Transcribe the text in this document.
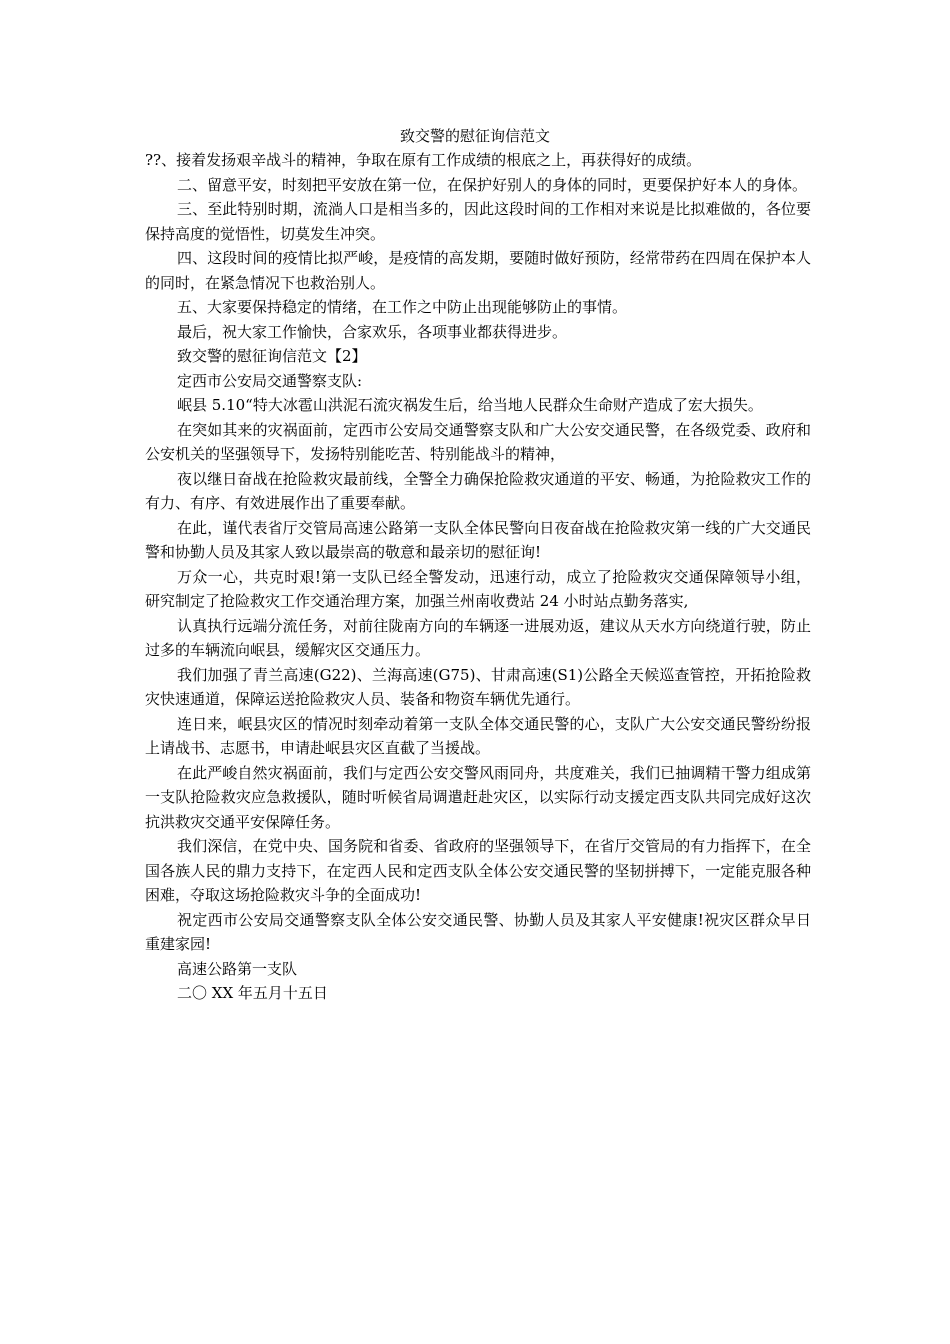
致交警的慰征询信范文

??、接着发扬艰辛战斗的精神，争取在原有工作成绩的根底之上，再获得好的成绩。

二、留意平安，时刻把平安放在第一位，在保护好别人的身体的同时，更要保护好本人的身体。

三、至此特别时期，流淌人口是相当多的，因此这段时间的工作相对来说是比拟难做的，各位要保持高度的觉悟性，切莫发生冲突。

四、这段时间的疫情比拟严峻，是疫情的高发期，要随时做好预防，经常带药在四周在保护本人的同时，在紧急情况下也救治别人。

五、大家要保持稳定的情绪，在工作之中防止出现能够防止的事情。

最后，祝大家工作愉快，合家欢乐，各项事业都获得进步。

致交警的慰征询信范文【2】

定西市公安局交通警察支队:

岷县 5.10“特大冰雹山洪泥石流灾祸发生后，给当地人民群众生命财产造成了宏大损失。

在突如其来的灾祸面前，定西市公安局交通警察支队和广大公安交通民警，在各级党委、政府和公安机关的坚强领导下，发扬特别能吃苦、特别能战斗的精神，

夜以继日奋战在抢险救灾最前线，全警全力确保抢险救灾通道的平安、畅通，为抢险救灾工作的有力、有序、有效进展作出了重要奉献。

在此，谨代表省厅交管局高速公路第一支队全体民警向日夜奋战在抢险救灾第一线的广大交通民警和协勤人员及其家人致以最崇高的敬意和最亲切的慰征询!

万众一心，共克时艰!第一支队已经全警发动，迅速行动，成立了抢险救灾交通保障领导小组，研究制定了抢险救灾工作交通治理方案，加强兰州南收费站 24 小时站点勤务落实,

认真执行远端分流任务，对前往陇南方向的车辆逐一进展劝返，建议从天水方向绕道行驶，防止过多的车辆流向岷县，缓解灾区交通压力。

我们加强了青兰高速(G22)、兰海高速(G75)、甘肃高速(S1)公路全天候巡查管控，开拓抢险救灾快速通道，保障运送抢险救灾人员、装备和物资车辆优先通行。

连日来，岷县灾区的情况时刻牵动着第一支队全体交通民警的心，支队广大公安交通民警纷纷报上请战书、志愿书，申请赴岷县灾区直截了当援战。

在此严峻自然灾祸面前，我们与定西公安交警风雨同舟，共度难关，我们已抽调精干警力组成第一支队抢险救灾应急救援队，随时听候省局调遣赶赴灾区，以实际行动支援定西支队共同完成好这次抗洪救灾交通平安保障任务。

我们深信，在党中央、国务院和省委、省政府的坚强领导下，在省厅交管局的有力指挥下，在全国各族人民的鼎力支持下，在定西人民和定西支队全体公安交通民警的坚韧拼搏下，一定能克服各种困难，夺取这场抢险救灾斗争的全面成功!

祝定西市公安局交通警察支队全体公安交通民警、协勤人员及其家人平安健康!祝灾区群众早日重建家园!

高速公路第一支队

二〇 XX 年五月十五日
